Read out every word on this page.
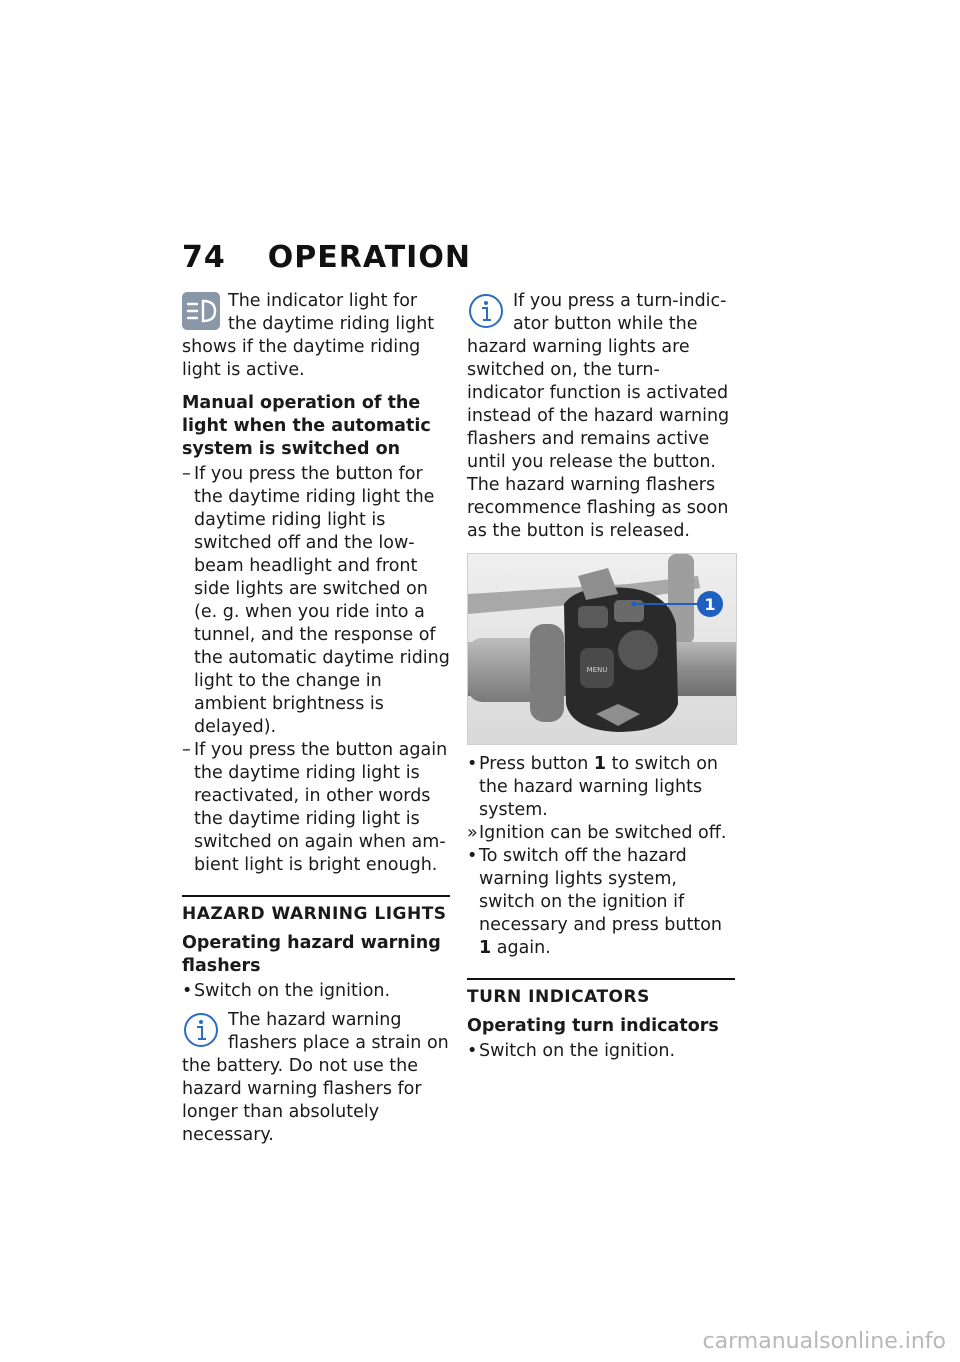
74 OPERATION
The indicator light for the daytime riding light shows if the daytime riding light is active.
Manual operation of the light when the automatic system is switched on
– If you press the button for the daytime riding light the daytime riding light is switched off and the low-beam headlight and front side lights are switched on (e. g. when you ride into a tunnel, and the response of the automatic daytime riding light to the change in ambient brightness is delayed).
– If you press the button again the daytime riding light is reactivated, in other words the daytime riding light is switched on again when ambient light is bright enough.
HAZARD WARNING LIGHTS
Operating hazard warning flashers
• Switch on the ignition.
The hazard warning flashers place a strain on the battery. Do not use the hazard warning flashers for longer than absolutely necessary.
If you press a turn-indicator button while the hazard warning lights are switched on, the turn-indicator function is activated instead of the hazard warning flashers and remains active until you release the button. The hazard warning flashers recommence flashing as soon as the button is released.
MENU
1
• Press button 1 to switch on the hazard warning lights system.
» Ignition can be switched off.
• To switch off the hazard warning lights system, switch on the ignition if necessary and press button 1 again.
TURN INDICATORS
Operating turn indicators
• Switch on the ignition.
carmanualsonline.info
